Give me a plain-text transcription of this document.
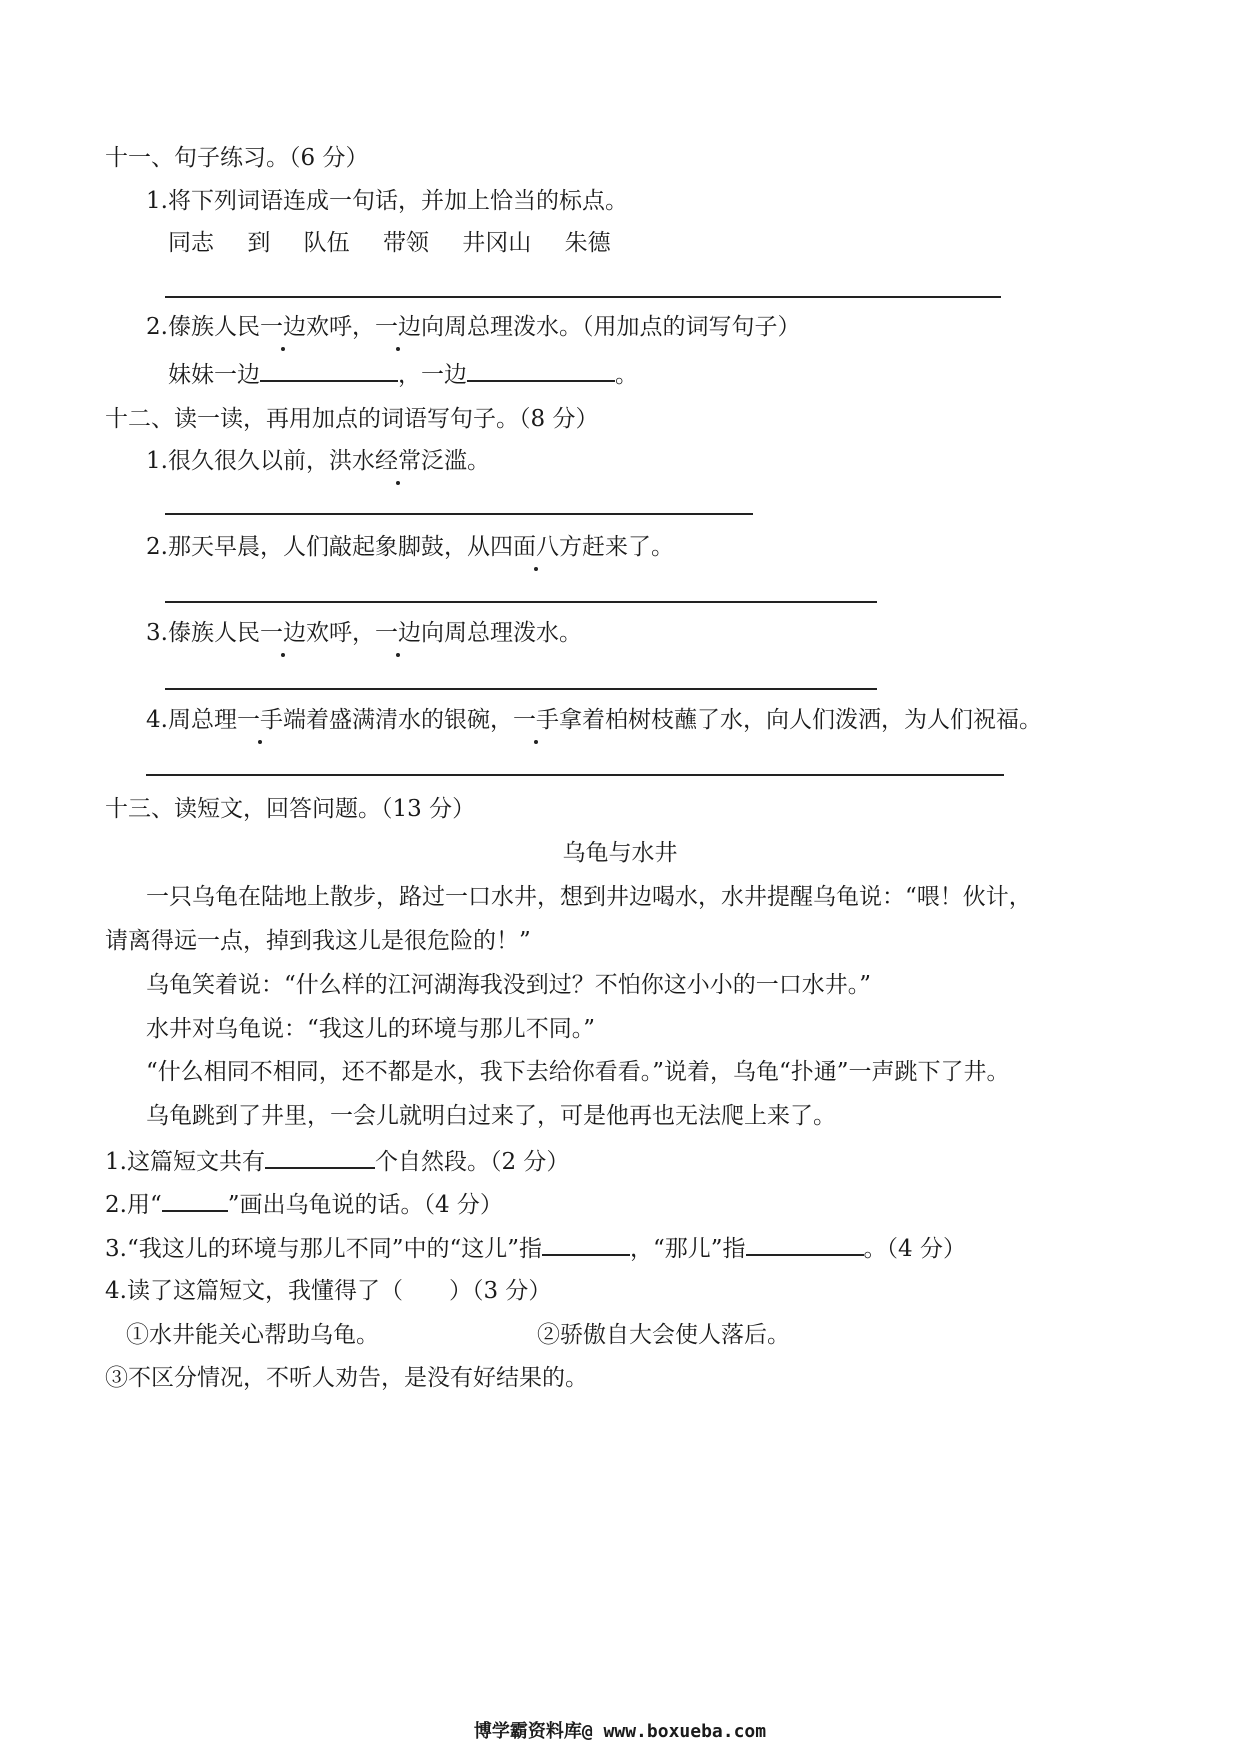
十一、句子练习。（6 分）
1.将下列词语连成一句话，并加上恰当的标点。
同志 到 队伍 带领 井冈山 朱德
2.傣族人民一边欢呼，一边向周总理泼水。（用加点的词写句子）
妹妹一边	，一边	。
十二、读一读，再用加点的词语写句子。（8 分）
1.很久很久以前，洪水经常泛滥。
2.那天早晨，人们敲起象脚鼓，从四面八方赶来了。
3.傣族人民一边欢呼，一边向周总理泼水。
4.周总理一手端着盛满清水的银碗，一手拿着柏树枝蘸了水，向人们泼洒，为人们祝福。
十三、读短文，回答问题。（13 分）
乌龟与水井
一只乌龟在陆地上散步，路过一口水井，想到井边喝水，水井提醒乌龟说：“喂！伙计，
请离得远一点，掉到我这儿是很危险的！”
乌龟笑着说：“什么样的江河湖海我没到过？不怕你这小小的一口水井。”
水井对乌龟说：“我这儿的环境与那儿不同。”
“什么相同不相同，还不都是水，我下去给你看看。”说着，乌龟“扑通”一声跳下了井。
乌龟跳到了井里，一会儿就明白过来了，可是他再也无法爬上来了。
1.这篇短文共有	个自然段。（2 分）
2.用“	”画出乌龟说的话。（4 分）
3.“我这儿的环境与那儿不同”中的“这儿”指	，“那儿”指	。（4 分）
4.读了这篇短文，我懂得了（　　）（3 分）
①水井能关心帮助乌龟。	②骄傲自大会使人落后。
③不区分情况，不听人劝告，是没有好结果的。
博学霸资料库@ www.boxueba.com
